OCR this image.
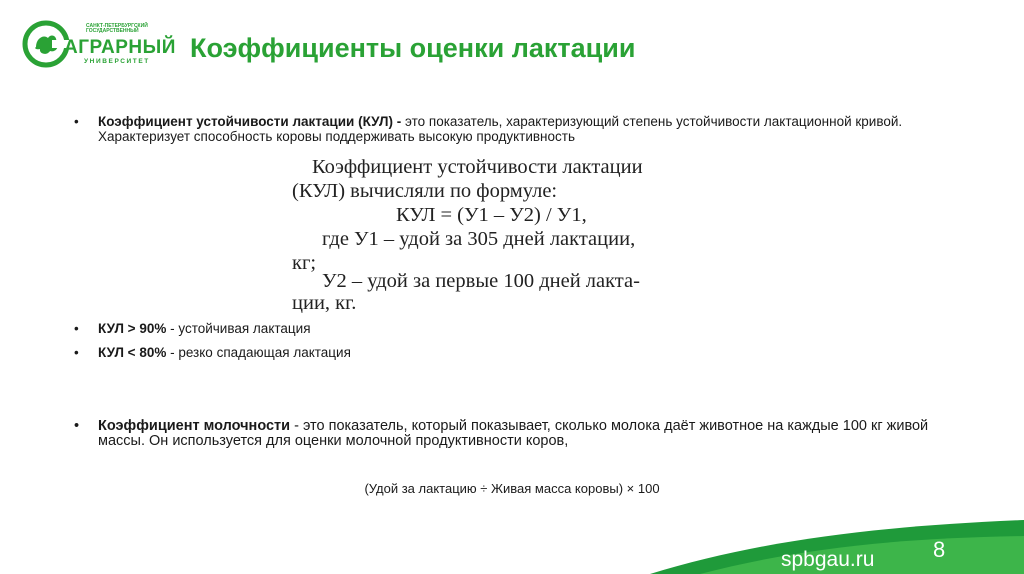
САНКТ-ПЕТЕРБУРГСКИЙ ГОСУДАРСТВЕННЫЙ
АГРАРНЫЙ
УНИВЕРСИТЕТ Коэффициенты оценки лактации
• Коэффициент устойчивости лактации (КУЛ) - это показатель, характеризующий степень устойчивости лактационной кривой. Характеризует способность коровы поддерживать высокую продуктивность
Коэффициент устойчивости лактации
(КУЛ) вычисляли по формуле:
КУЛ = (У1 – У2) / У1,
где У1 – удой за 305 дней лактации,
кг;
У2 – удой за первые 100 дней лакта-
ции, кг.
• КУЛ > 90% - устойчивая лактация
• КУЛ < 80% - резко спадающая лактация
• Коэффициент молочности - это показатель, который показывает, сколько молока даёт животное на каждые 100 кг живой массы. Он используется для оценки молочной продуктивности коров,
(Удой за лактацию ÷ Живая масса коровы) × 100
spbgau.ru	8
